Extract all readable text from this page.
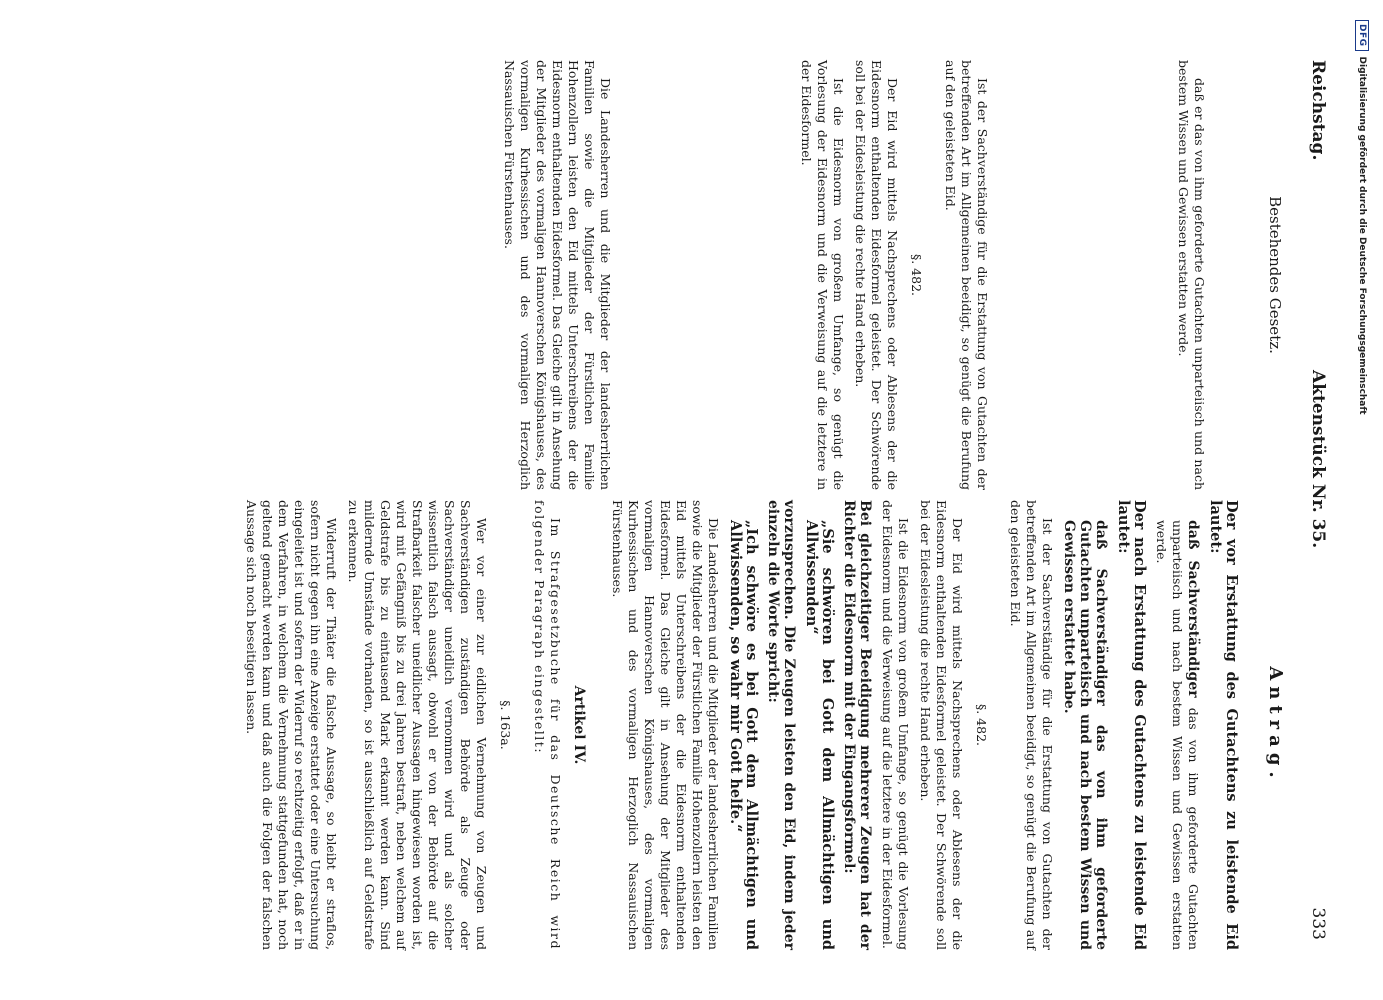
DFG
Digitalisierung gefördert durch die Deutsche Forschungsgemeinschaft
Reichstag.
Aktenstück Nr. 35.
333
Bestehendes Gesetz.

daß er das von ihm geforderte Gutachten unparteiisch und nach bestem Wissen und Gewissen erstatten werde.

Ist der Sachverständige für die Erstattung von Gutachten der betreffenden Art im Allgemeinen beeidigt, so genügt die Berufung auf den geleisteten Eid.

§. 482.

Der Eid wird mittels Nachsprechens oder Ablesens der die Eidesnorm enthaltenden Eidesformel geleistet. Der Schwörende soll bei der Eidesleistung die rechte Hand erheben.

Ist die Eidesnorm von großem Umfange, so genügt die Vorlesung der Eidesnorm und die Verweisung auf die letztere in der Eidesformel.

Die Landesherren und die Mitglieder der landesherrlichen Familien sowie die Mitglieder der Fürstlichen Familie Hohenzollern leisten den Eid mittels Unterschreibens der die Eidesnorm enthaltenden Eidesformel. Das Gleiche gilt in Ansehung der Mitglieder des vormaligen Hannoverschen Königshauses, des vormaligen Kurhessischen und des vormaligen Herzoglich Nassauischen Fürstenhauses.

Antrag.

Der vor Erstattung des Gutachtens zu leistende Eid lautet:

daß Sachverständiger das von ihm geforderte Gutachten unparteiisch und nach bestem Wissen und Gewissen erstatten werde.

Der nach Erstattung des Gutachtens zu leistende Eid lautet:

daß Sachverständiger das von ihm geforderte Gutachten unparteiisch und nach bestem Wissen und Gewissen erstattet habe.

Ist der Sachverständige für die Erstattung von Gutachten der betreffenden Art im Allgemeinen beeidigt, so genügt die Berufung auf den geleisteten Eid.

§. 482.

Der Eid wird mittels Nachsprechens oder Ablesens der die Eidesnorm enthaltenden Eidesformel geleistet. Der Schwörende soll bei der Eidesleistung die rechte Hand erheben.

Ist die Eidesnorm von großem Umfange, so genügt die Vorlesung der Eidesnorm und die Verweisung auf die letztere in der Eidesformel.

Bei gleichzeitiger Beeidigung mehrerer Zeugen hat der Richter die Eidesnorm mit der Eingangsformel:

„Sie schwören bei Gott dem Allmächtigen und Allwissenden“

vorzusprechen. Die Zeugen leisten den Eid, indem jeder einzeln die Worte spricht:

„Ich schwöre es bei Gott dem Allmächtigen und Allwissenden, so wahr mir Gott helfe.“

Die Landesherren und die Mitglieder der landesherrlichen Familien sowie die Mitglieder der Fürstlichen Familie Hohenzollern leisten den Eid mittels Unterschreibens der die Eidesnorm enthaltenden Eidesformel. Das Gleiche gilt in Ansehung der Mitglieder des vormaligen Hannoverschen Königshauses, des vormaligen Kurhessischen und des vormaligen Herzoglich Nassauischen Fürstenhauses.

Artikel IV.

Im Strafgesetzbuche für das Deutsche Reich wird folgender Paragraph eingestellt:

§. 163a.

Wer vor einer zur eidlichen Vernehmung von Zeugen und Sachverständigen zuständigen Behörde als Zeuge oder Sachverständiger uneidlich vernommen wird und als solcher wissentlich falsch aussagt, obwohl er von der Behörde auf die Strafbarkeit falscher uneidlicher Aussagen hingewiesen worden ist, wird mit Gefängniß bis zu drei Jahren bestraft, neben welchem auf Geldstrafe bis zu eintausend Mark erkannt werden kann. Sind mildernde Umstände vorhanden, so ist ausschließlich auf Geldstrafe zu erkennen.

Widerruft der Thäter die falsche Aussage, so bleibt er straflos, sofern nicht gegen ihn eine Anzeige erstattet oder eine Untersuchung eingeleitet ist und sofern der Widerruf so rechtzeitig erfolgt, daß er in dem Verfahren, in welchem die Vernehmung stattgefunden hat, noch geltend gemacht werden kann und daß auch die Folgen der falschen Aussage sich noch beseitigen lassen.
